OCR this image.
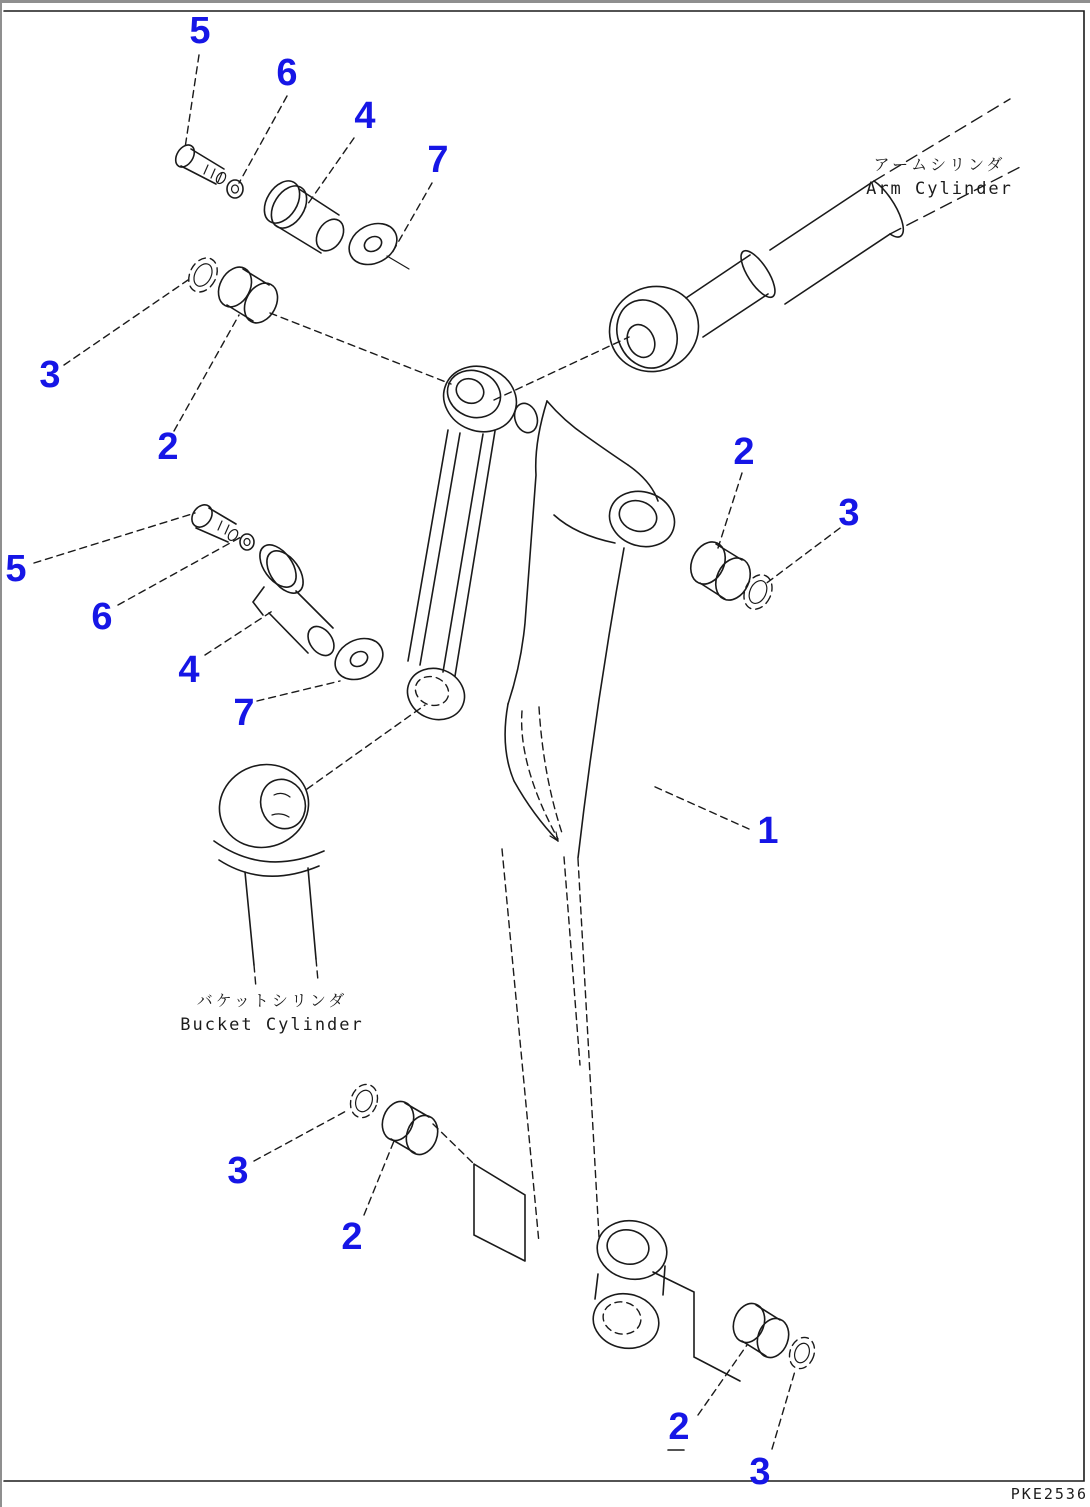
5
6
4
7
3
2	2
3
5
6
4
7
1
3
2
2
3
アームシリンダ
Arm Cylinder
バケットシリンダ
Bucket Cylinder
PKE2536
